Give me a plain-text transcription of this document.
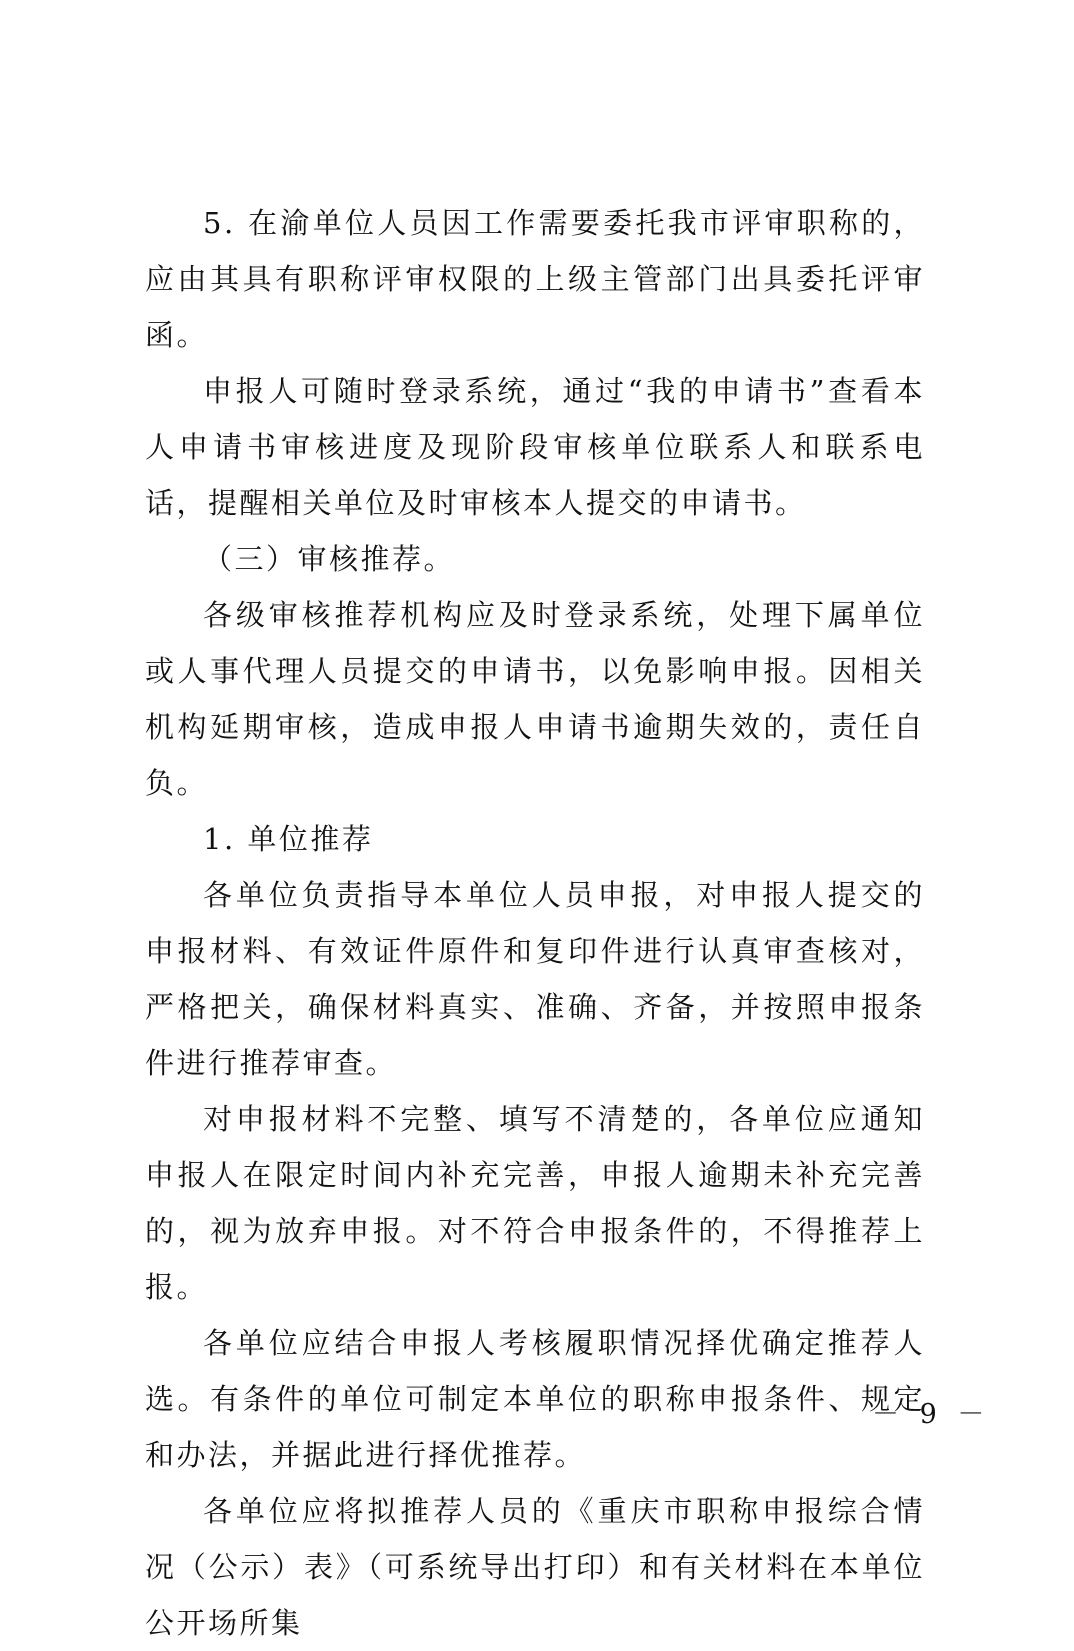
5. 在渝单位人员因工作需要委托我市评审职称的，应由其具有职称评审权限的上级主管部门出具委托评审函。

申报人可随时登录系统，通过“我的申请书”查看本人申请书审核进度及现阶段审核单位联系人和联系电话，提醒相关单位及时审核本人提交的申请书。

（三）审核推荐。

各级审核推荐机构应及时登录系统，处理下属单位或人事代理人员提交的申请书，以免影响申报。因相关机构延期审核，造成申报人申请书逾期失效的，责任自负。

1. 单位推荐

各单位负责指导本单位人员申报，对申报人提交的申报材料、有效证件原件和复印件进行认真审查核对，严格把关，确保材料真实、准确、齐备，并按照申报条件进行推荐审查。

对申报材料不完整、填写不清楚的，各单位应通知申报人在限定时间内补充完善，申报人逾期未补充完善的，视为放弃申报。对不符合申报条件的，不得推荐上报。

各单位应结合申报人考核履职情况择优确定推荐人选。有条件的单位可制定本单位的职称申报条件、规定和办法，并据此进行择优推荐。

各单位应将拟推荐人员的《重庆市职称申报综合情况（公示）表》（可系统导出打印）和有关材料在本单位公开场所集

－ 9 －
